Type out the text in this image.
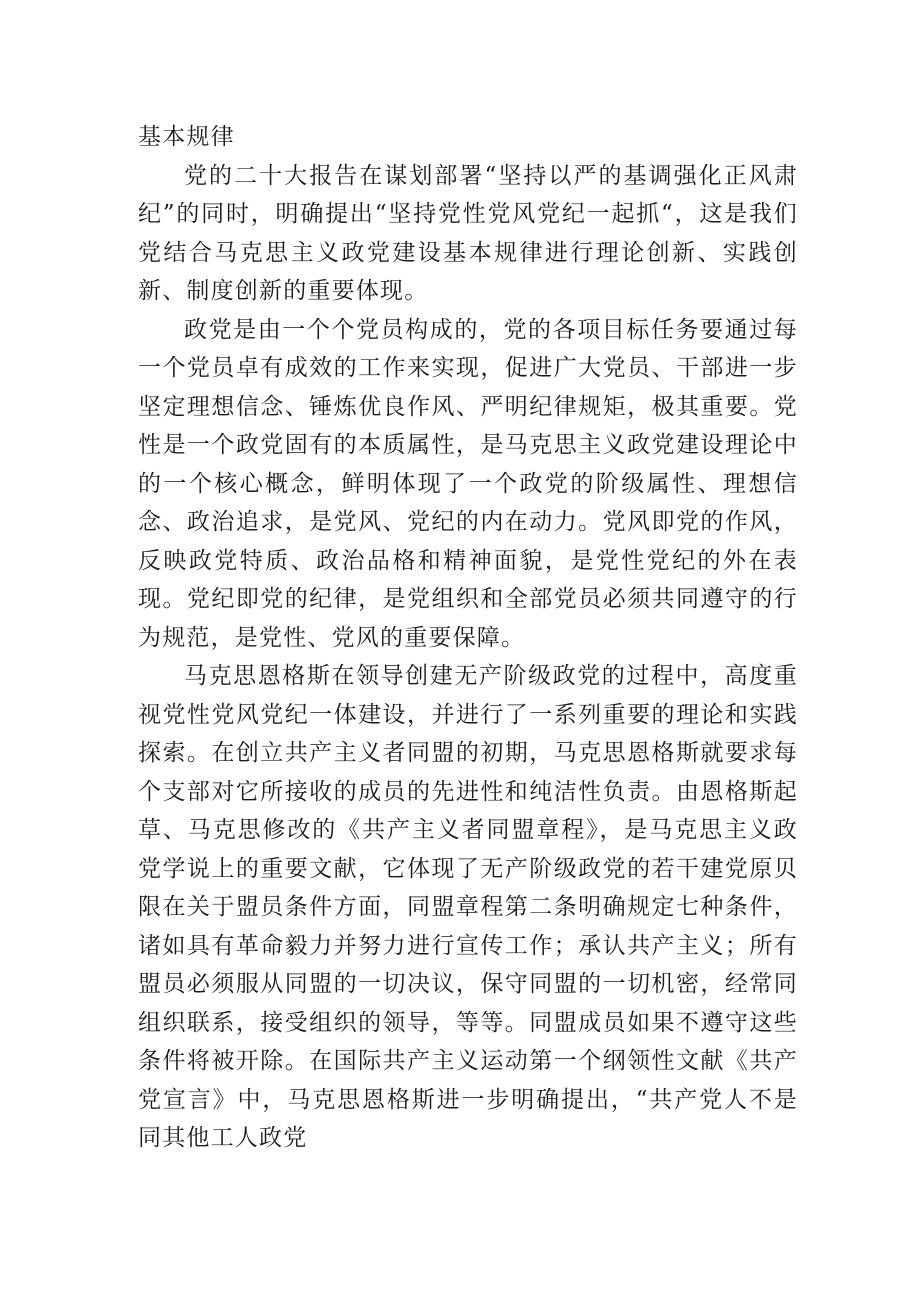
基本规律

党的二十大报告在谋划部署“坚持以严的基调强化正风肃纪”的同时，明确提出“坚持党性党风党纪一起抓“，这是我们党结合马克思主义政党建设基本规律进行理论创新、实践创新、制度创新的重要体现。

政党是由一个个党员构成的，党的各项目标任务要通过每一个党员卓有成效的工作来实现，促进广大党员、干部进一步坚定理想信念、锤炼优良作风、严明纪律规矩，极其重要。党性是一个政党固有的本质属性，是马克思主义政党建设理论中的一个核心概念，鲜明体现了一个政党的阶级属性、理想信念、政治追求，是党风、党纪的内在动力。党风即党的作风，反映政党特质、政治品格和精神面貌，是党性党纪的外在表现。党纪即党的纪律，是党组织和全部党员必须共同遵守的行为规范，是党性、党风的重要保障。

马克思恩格斯在领导创建无产阶级政党的过程中，高度重视党性党风党纪一体建设，并进行了一系列重要的理论和实践探索。在创立共产主义者同盟的初期，马克思恩格斯就要求每个支部对它所接收的成员的先进性和纯洁性负责。由恩格斯起草、马克思修改的《共产主义者同盟章程》，是马克思主义政党学说上的重要文献，它体现了无产阶级政党的若干建党原贝限在关于盟员条件方面，同盟章程第二条明确规定七种条件，诸如具有革命毅力并努力进行宣传工作；承认共产主义；所有盟员必须服从同盟的一切决议，保守同盟的一切机密，经常同组织联系，接受组织的领导，等等。同盟成员如果不遵守这些条件将被开除。在国际共产主义运动第一个纲领性文献《共产党宣言》中，马克思恩格斯进一步明确提出，“共产党人不是同其他工人政党
